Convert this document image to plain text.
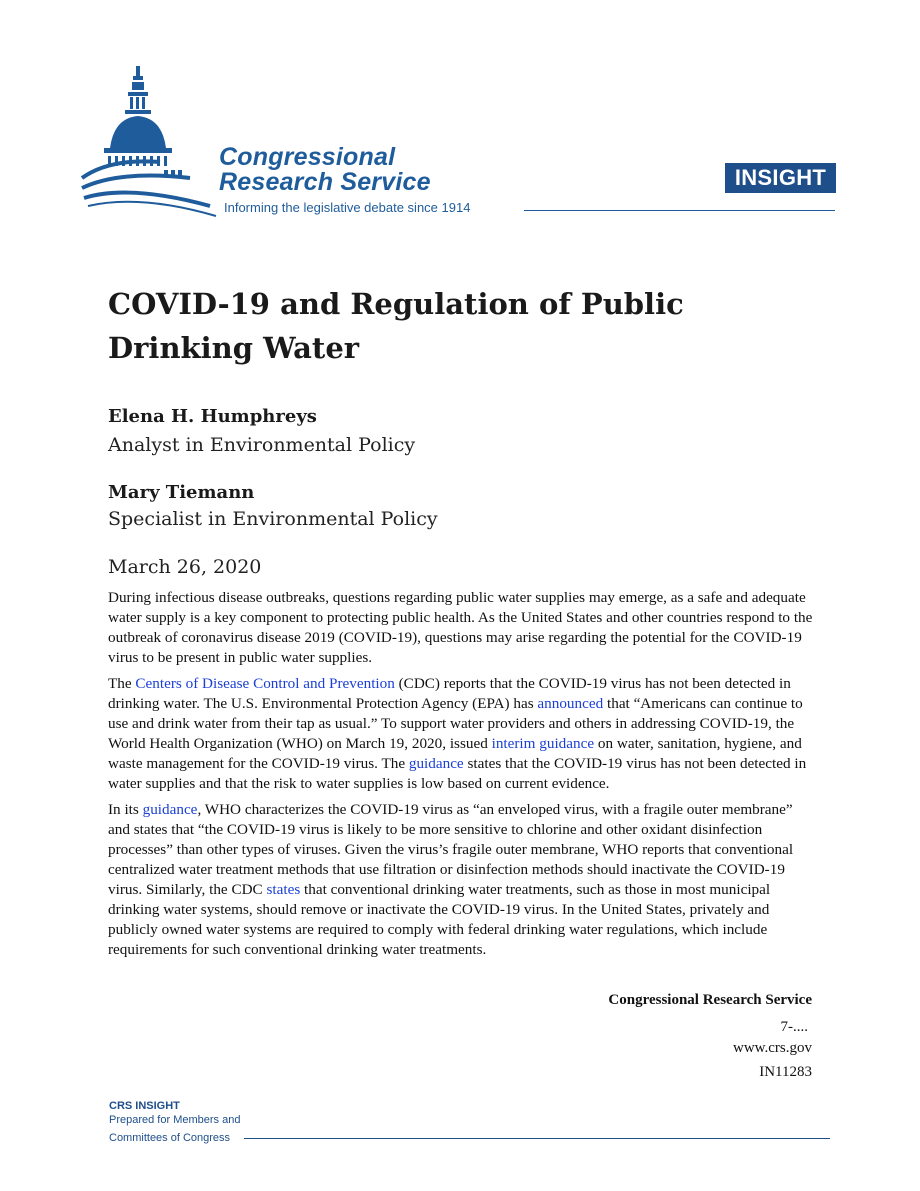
Congressional
Research Service
Informing the legislative debate since 1914
INSIGHT
COVID-19 and Regulation of Public Drinking Water
Elena H. Humphreys
Analyst in Environmental Policy
Mary Tiemann
Specialist in Environmental Policy
March 26, 2020

During infectious disease outbreaks, questions regarding public water supplies may emerge, as a safe and adequate water supply is a key component to protecting public health. As the United States and other countries respond to the outbreak of coronavirus disease 2019 (COVID-19), questions may arise regarding the potential for the COVID-19 virus to be present in public water supplies.

The Centers of Disease Control and Prevention (CDC) reports that the COVID-19 virus has not been detected in drinking water. The U.S. Environmental Protection Agency (EPA) has announced that “Americans can continue to use and drink water from their tap as usual.” To support water providers and others in addressing COVID-19, the World Health Organization (WHO) on March 19, 2020, issued interim guidance on water, sanitation, hygiene, and waste management for the COVID-19 virus. The guidance states that the COVID-19 virus has not been detected in water supplies and that the risk to water supplies is low based on current evidence.

In its guidance, WHO characterizes the COVID-19 virus as “an enveloped virus, with a fragile outer membrane” and states that “the COVID-19 virus is likely to be more sensitive to chlorine and other oxidant disinfection processes” than other types of viruses. Given the virus’s fragile outer membrane, WHO reports that conventional centralized water treatment methods that use filtration or disinfection methods should inactivate the COVID-19 virus. Similarly, the CDC states that conventional drinking water treatments, such as those in most municipal drinking water systems, should remove or inactivate the COVID-19 virus. In the United States, privately and publicly owned water systems are required to comply with federal drinking water regulations, which include requirements for such conventional drinking water treatments.

Congressional Research Service
7-....
www.crs.gov
IN11283
CRS INSIGHT
Prepared for Members and
Committees of Congress
